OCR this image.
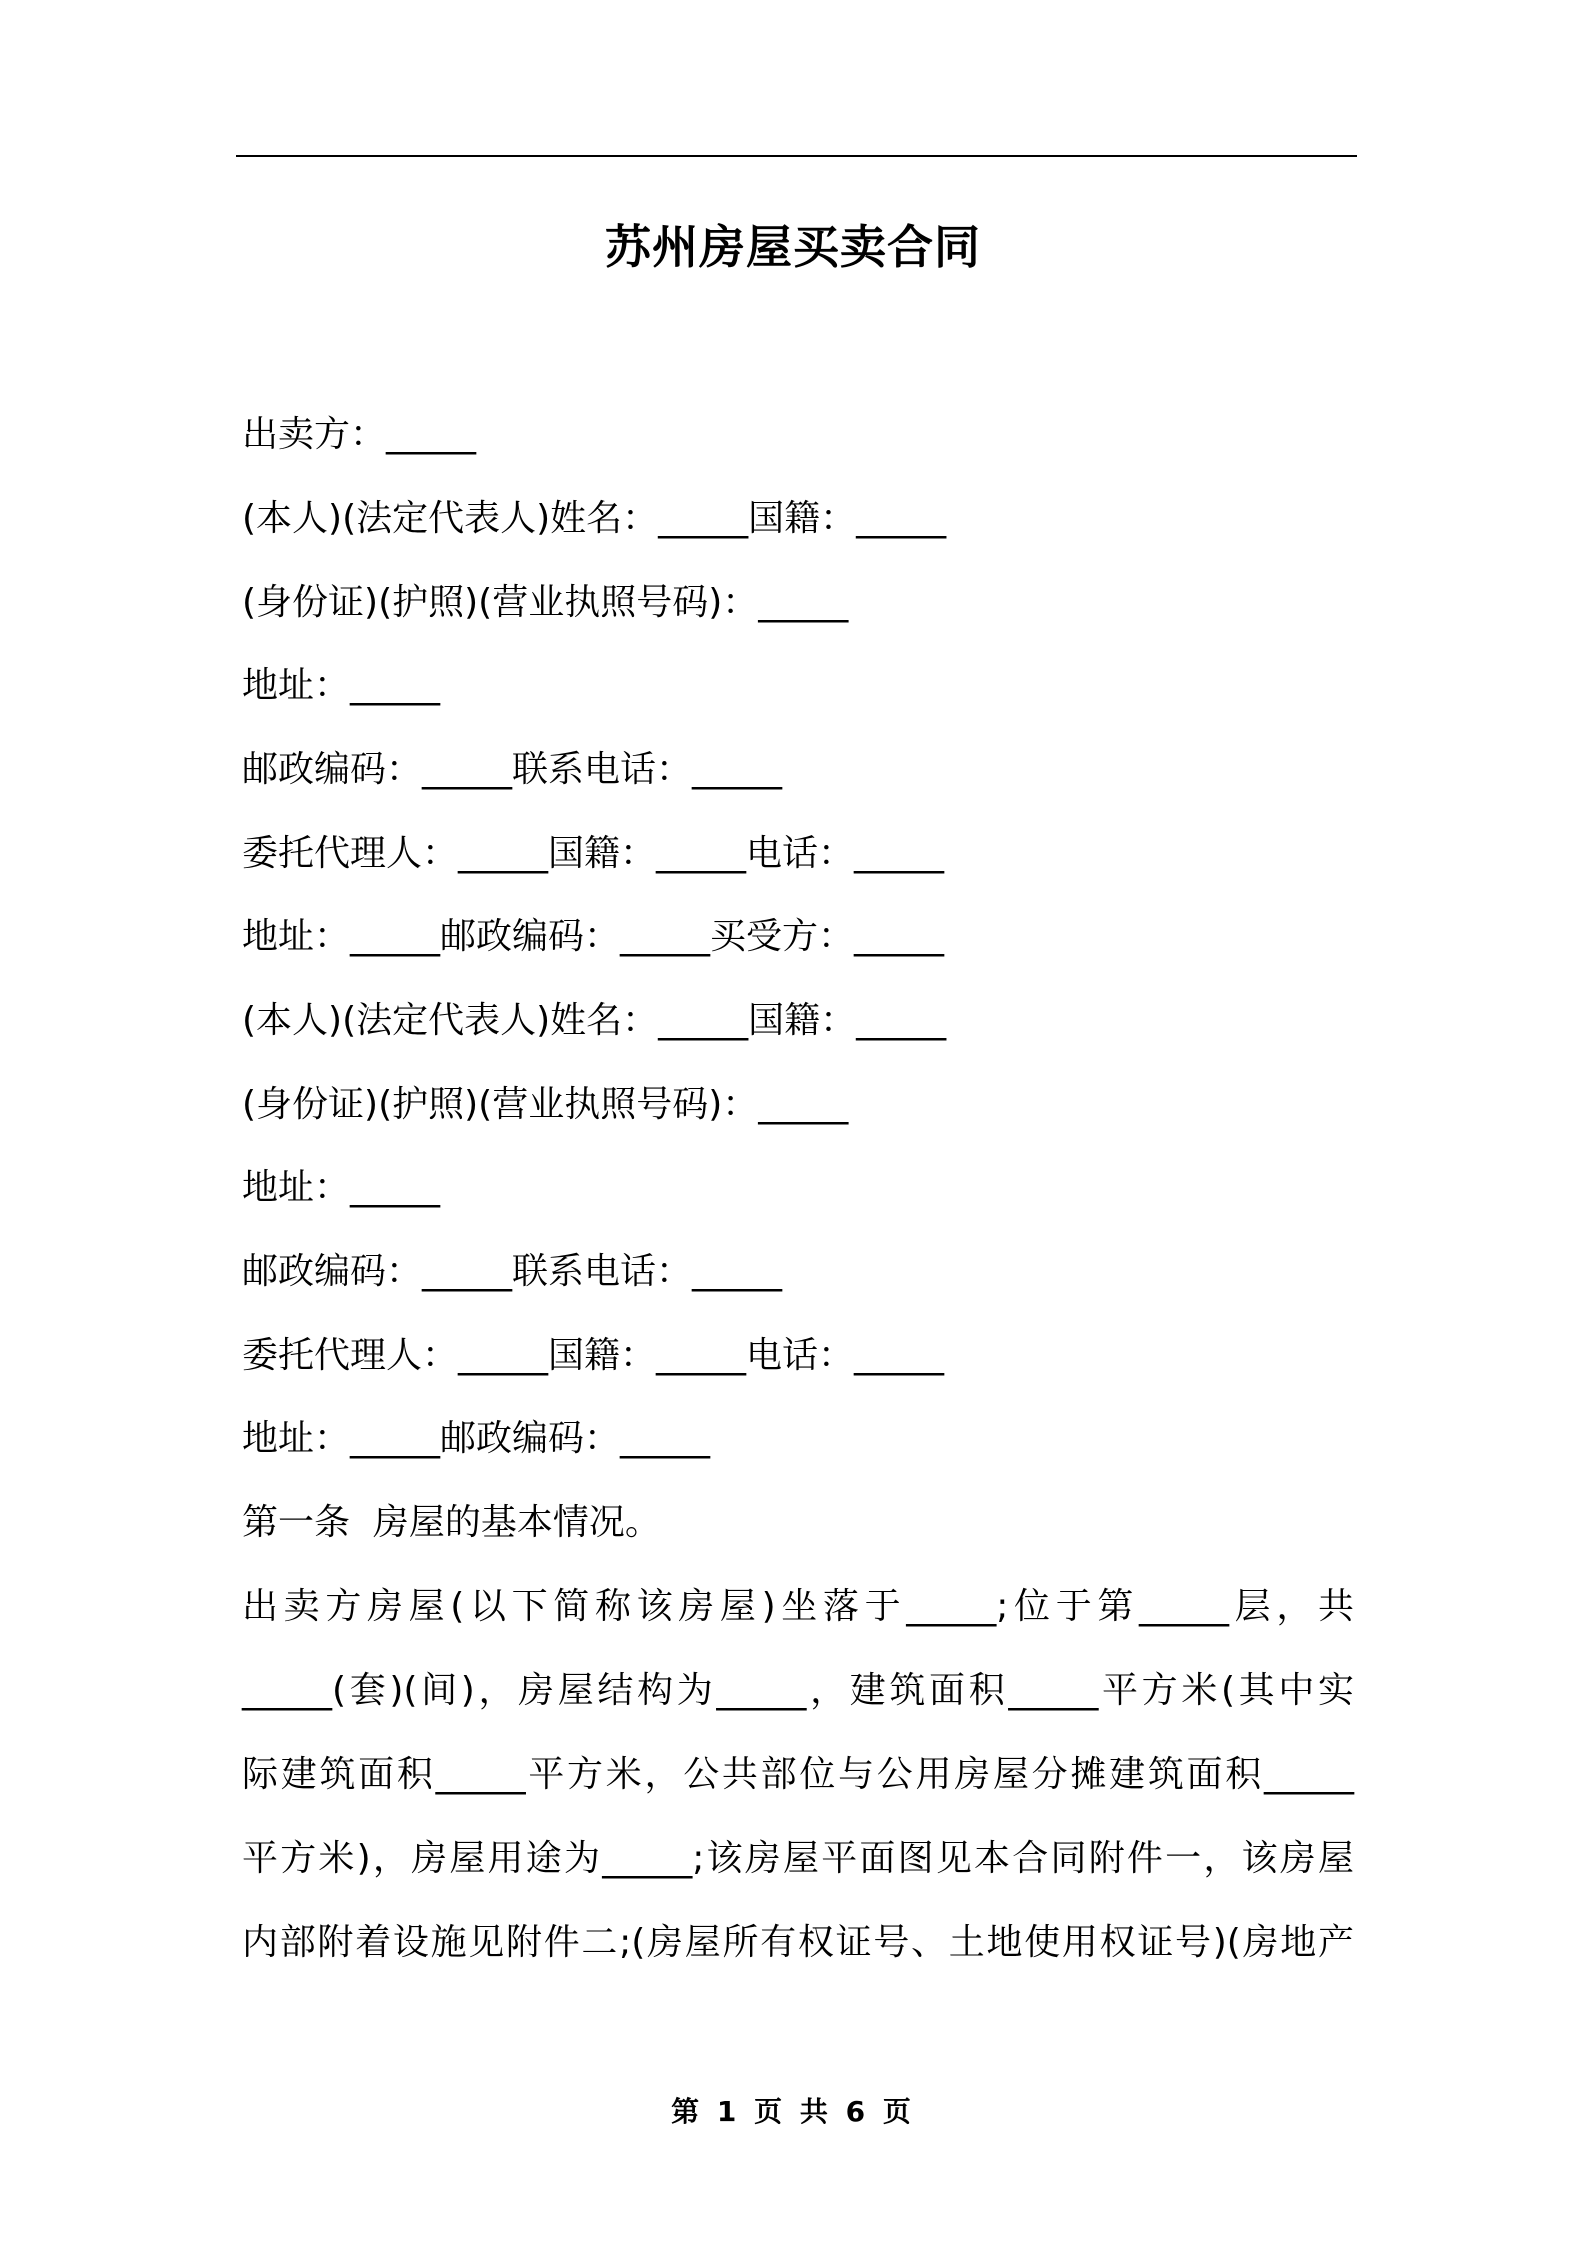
苏州房屋买卖合同

出卖方：_____

(本人)(法定代表人)姓名：_____国籍：_____

(身份证)(护照)(营业执照号码)：_____

地址：_____

邮政编码：_____联系电话：_____

委托代理人：_____国籍：_____电话：_____

地址：_____邮政编码：_____买受方：_____

(本人)(法定代表人)姓名：_____国籍：_____

(身份证)(护照)(营业执照号码)：_____

地址：_____

邮政编码：_____联系电话：_____

委托代理人：_____国籍：_____电话：_____

地址：_____邮政编码：_____

第一条  房屋的基本情况。

出卖方房屋(以下简称该房屋)坐落于_____;位于第_____层，共

_____(套)(间)，房屋结构为_____，建筑面积_____平方米(其中实

际建筑面积_____平方米，公共部位与公用房屋分摊建筑面积_____

平方米)，房屋用途为_____;该房屋平面图见本合同附件一，该房屋

内部附着设施见附件二;(房屋所有权证号、土地使用权证号)(房地产

第 1 页 共 6 页
